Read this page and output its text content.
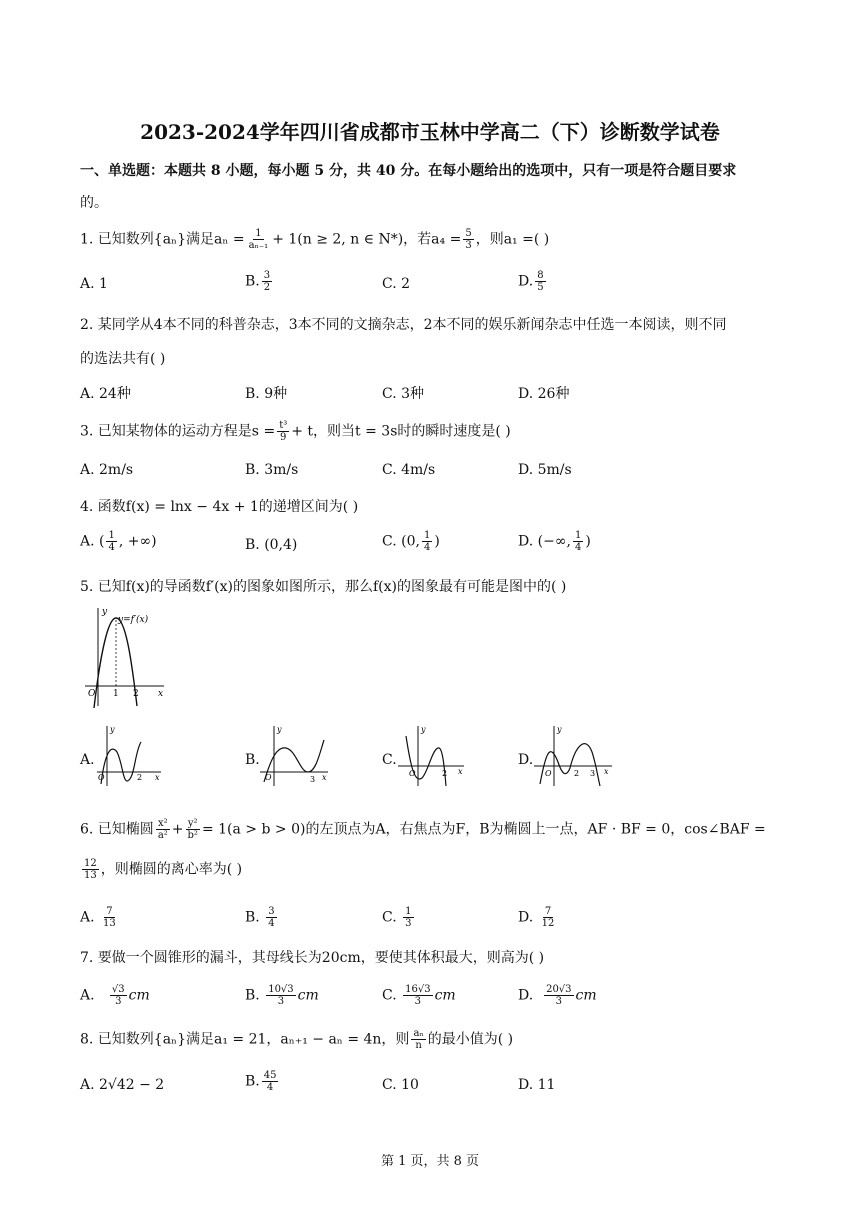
2023-2024学年四川省成都市玉林中学高二（下）诊断数学试卷
一、单选题：本题共 8 小题，每小题 5 分，共 40 分。在每小题给出的选项中，只有一项是符合题目要求
的。
1. 已知数列{aₙ}满足$a_n = \frac{1}{\text{aₙ₋₁}} + 1(n \ge 2$, n ∈ N*)，若$a_4 = \frac{5}{3}$ ，则a₁ =( )
A. 1	B. $\frac{3}{2}$	C. 2	D. $\frac{8}{5}$
2. 某同学从4本不同的科普杂志，3本不同的文摘杂志，2本不同的娱乐新闻杂志中任选一本阅读，则不同
的选法共有( )
A. 24种	B. 9种	C. 3种	D. 26种
3. 已知某物体的运动方程是$s = \frac{\text{t³}}{9} + t$，则当t = 3s时的瞬时速度是( )
A. 2m/s	B. 3m/s	C. 4m/s	D. 5m/s
4. 函数f(x) = lnx − 4x + 1的递增区间为( )
A. ( $\frac{1}{4}$ , +∞)	B. (0,4)	C. (0, $\frac{1}{4}$ )	D. (−∞, $\frac{1}{4}$ )
5. 已知f(x)的导函数f′(x)的图象如图所示，那么f(x)的图象最有可能是图中的( )
y
y=f′(x)
O 1 2 x
A.
y
O	2 x
B.
y
O	3 x
C.
y
O	2 x
D.
y
O	2 3 x
6. 已知椭圆 $\frac{\text{x²}}{\text{a²}} + \frac{\text{y²}}{\text{b²}} = 1(a > b > 0)$的左顶点为A，右焦点为F，B为椭圆上一点，AF · BF = 0，cos∠BAF =
$\frac{12}{13}$ ，则椭圆的离心率为( )
A. $\frac{7}{13}$	B. $\frac{3}{4}$	C. $\frac{1}{3}$	D. $\frac{7}{12}$
7. 要做一个圆锥形的漏斗，其母线长为20cm，要使其体积最大，则高为( )
A. $\frac{√3}{3}$ cm	B. $\frac{10√3}{3}$ cm	C. $\frac{16√3}{3}$ cm	D. $\frac{20√3}{3}$ cm
8. 已知数列{aₙ}满足a₁ = 21，aₙ₊₁ − aₙ = 4n，则 $\frac{\text{aₙ}}{n}$ 的最小值为( )
A. 2√42 − 2	B. $\frac{45}{4}$	C. 10	D. 11
第 1 页，共 8 页
